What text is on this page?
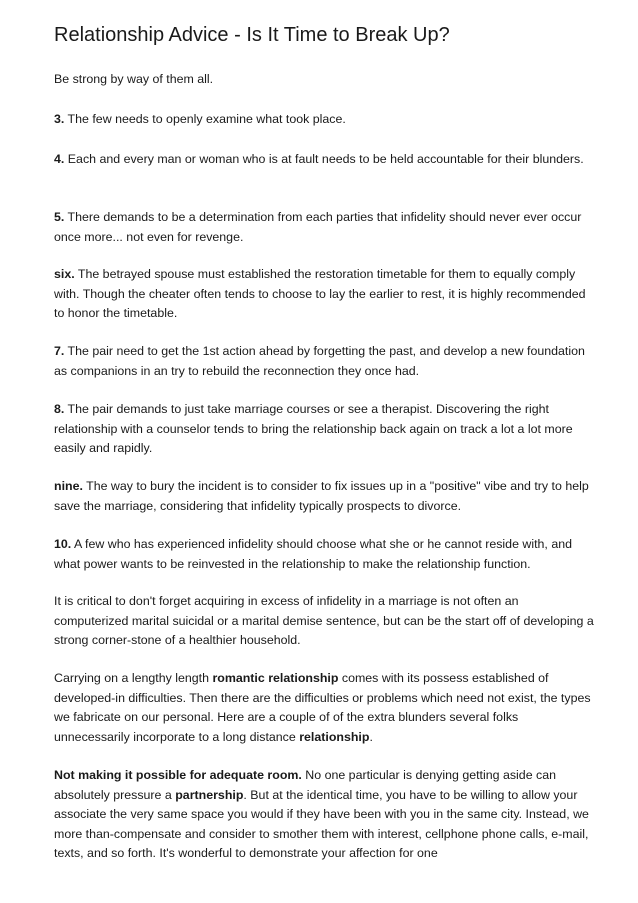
Relationship Advice - Is It Time to Break Up?

Be strong by way of them all.

3. The few needs to openly examine what took place.

4. Each and every man or woman who is at fault needs to be held accountable for their blunders.

5. There demands to be a determination from each parties that infidelity should never ever occur once more... not even for revenge.

six. The betrayed spouse must established the restoration timetable for them to equally comply with. Though the cheater often tends to choose to lay the earlier to rest, it is highly recommended to honor the timetable.

7. The pair need to get the 1st action ahead by forgetting the past, and develop a new foundation as companions in an try to rebuild the reconnection they once had.

8. The pair demands to just take marriage courses or see a therapist. Discovering the right relationship with a counselor tends to bring the relationship back again on track a lot a lot more easily and rapidly.

nine. The way to bury the incident is to consider to fix issues up in a "positive" vibe and try to help save the marriage, considering that infidelity typically prospects to divorce.

10. A few who has experienced infidelity should choose what she or he cannot reside with, and what power wants to be reinvested in the relationship to make the relationship function.

It is critical to don't forget acquiring in excess of infidelity in a marriage is not often an computerized marital suicidal or a marital demise sentence, but can be the start off of developing a strong corner-stone of a healthier household.

Carrying on a lengthy length romantic relationship comes with its possess established of developed-in difficulties. Then there are the difficulties or problems which need not exist, the types we fabricate on our personal. Here are a couple of of the extra blunders several folks unnecessarily incorporate to a long distance relationship.

Not making it possible for adequate room. No one particular is denying getting aside can absolutely pressure a partnership. But at the identical time, you have to be willing to allow your associate the very same space you would if they have been with you in the same city. Instead, we more than-compensate and consider to smother them with interest, cellphone phone calls, e-mail, texts, and so forth. It's wonderful to demonstrate your affection for one
